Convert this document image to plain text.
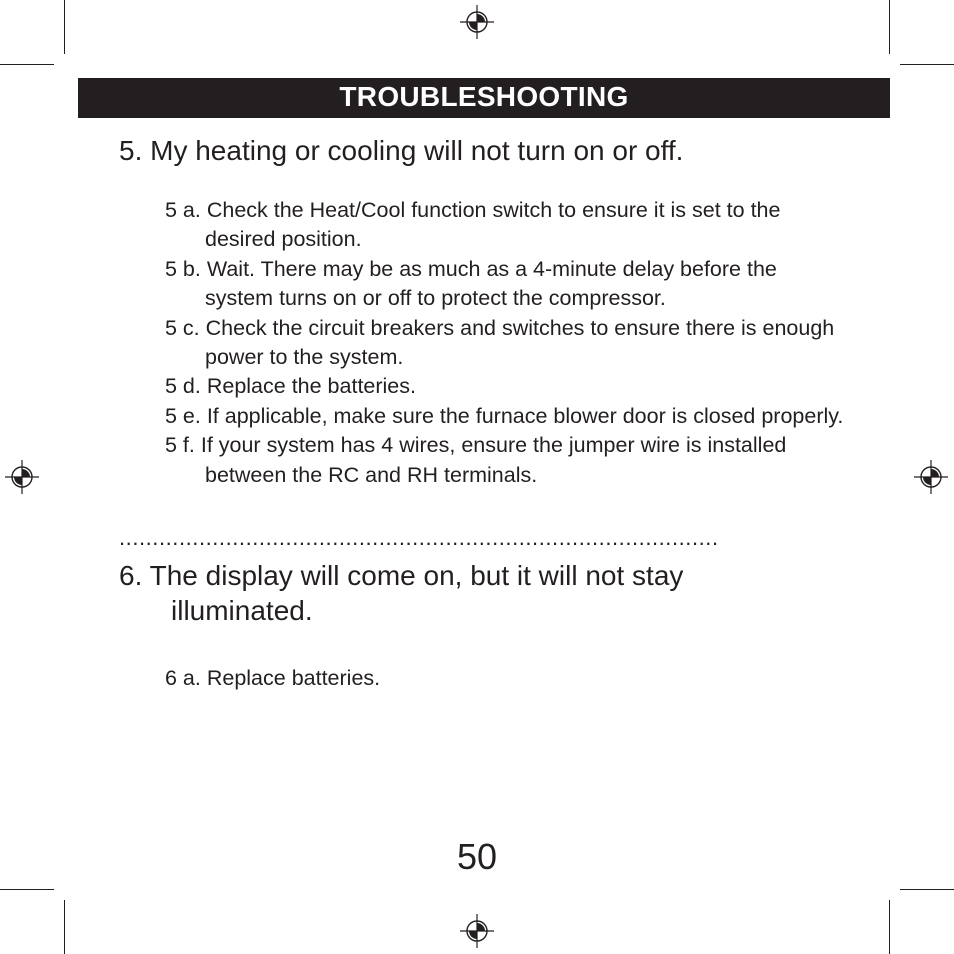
TROUBLESHOOTING
5. My heating or cooling will not turn on or off.
5 a. Check the Heat/Cool function switch to ensure it is set to the desired position.
5 b. Wait. There may be as much as a 4-minute delay before the system turns on or off to protect the compressor.
5 c. Check the circuit breakers and switches to ensure there is enough power to the system.
5 d. Replace the batteries.
5 e. If applicable, make sure the furnace blower door is closed properly.
5 f. If your system has 4 wires, ensure the jumper wire is installed between the RC and RH terminals.
..........................................................................................
6. The display will come on, but it will not stay
illuminated.
6 a. Replace batteries.
50
